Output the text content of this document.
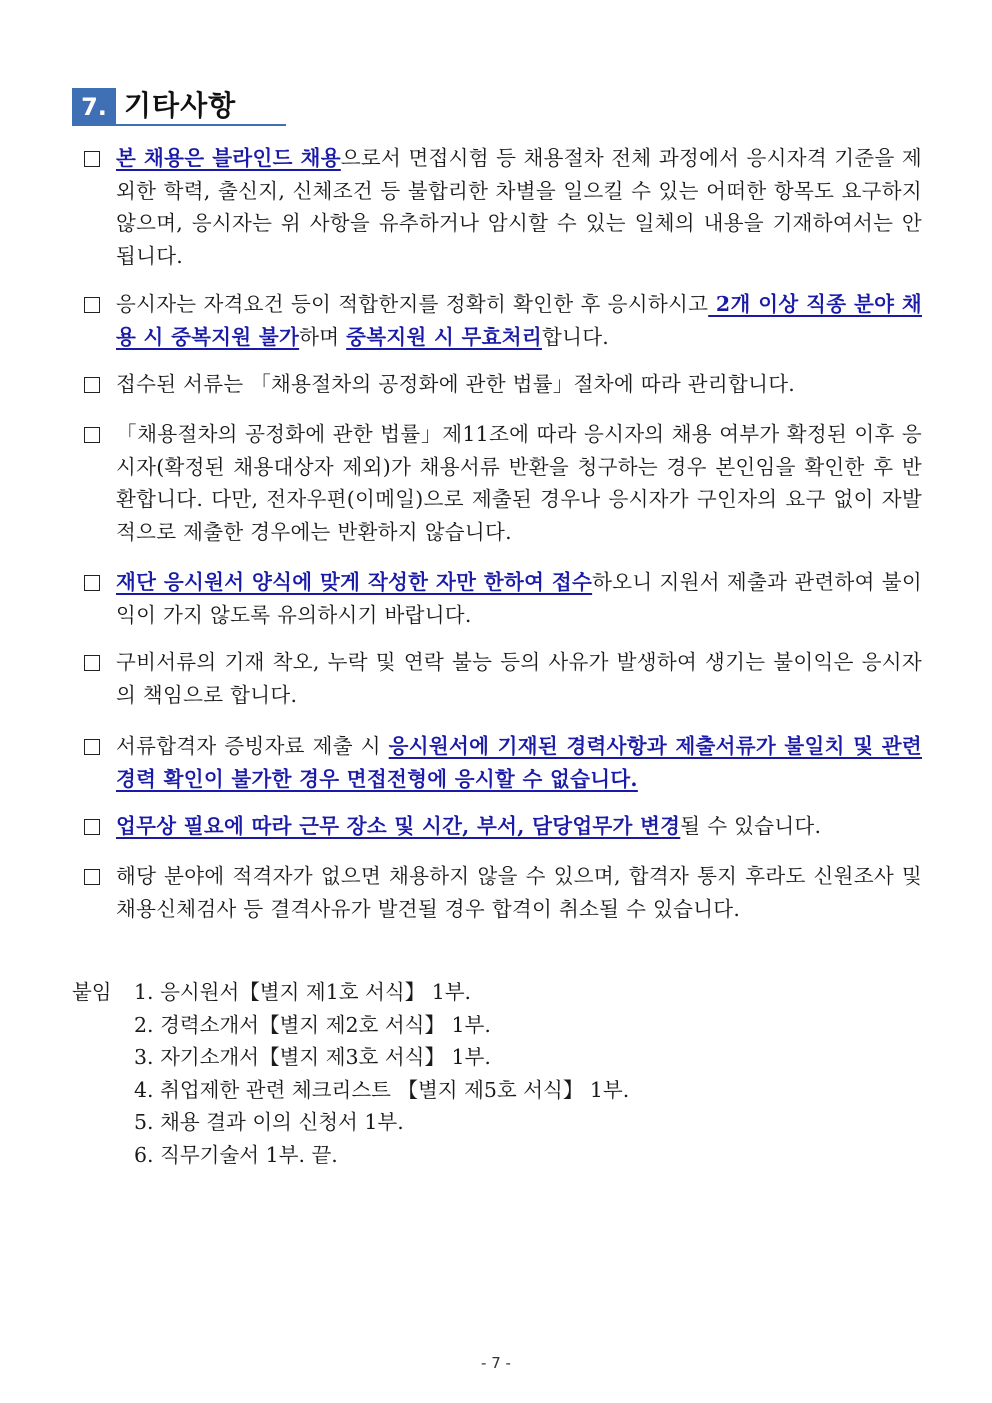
7. 기타사항
본 채용은 블라인드 채용으로서 면접시험 등 채용절차 전체 과정에서 응시자격 기준을 제외한 학력, 출신지, 신체조건 등 불합리한 차별을 일으킬 수 있는 어떠한 항목도 요구하지 않으며, 응시자는 위 사항을 유추하거나 암시할 수 있는 일체의 내용을 기재하여서는 안 됩니다.
응시자는 자격요건 등이 적합한지를 정확히 확인한 후 응시하시고 2개 이상 직종 분야 채용 시 중복지원 불가하며 중복지원 시 무효처리합니다.
접수된 서류는 「채용절차의 공정화에 관한 법률」절차에 따라 관리합니다.
「채용절차의 공정화에 관한 법률」제11조에 따라 응시자의 채용 여부가 확정된 이후 응시자(확정된 채용대상자 제외)가 채용서류 반환을 청구하는 경우 본인임을 확인한 후 반환합니다. 다만, 전자우편(이메일)으로 제출된 경우나 응시자가 구인자의 요구 없이 자발적으로 제출한 경우에는 반환하지 않습니다.
재단 응시원서 양식에 맞게 작성한 자만 한하여 접수하오니 지원서 제출과 관련하여 불이익이 가지 않도록 유의하시기 바랍니다.
구비서류의 기재 착오, 누락 및 연락 불능 등의 사유가 발생하여 생기는 불이익은 응시자의 책임으로 합니다.
서류합격자 증빙자료 제출 시 응시원서에 기재된 경력사항과 제출서류가 불일치 및 관련경력 확인이 불가한 경우 면접전형에 응시할 수 없습니다.
업무상 필요에 따라 근무 장소 및 시간, 부서, 담당업무가 변경될 수 있습니다.
해당 분야에 적격자가 없으면 채용하지 않을 수 있으며, 합격자 통지 후라도 신원조사 및 채용신체검사 등 결격사유가 발견될 경우 합격이 취소될 수 있습니다.
붙임 1. 응시원서【별지 제1호 서식】 1부.
2. 경력소개서【별지 제2호 서식】 1부.
3. 자기소개서【별지 제3호 서식】 1부.
4. 취업제한 관련 체크리스트 【별지 제5호 서식】 1부.
5. 채용 결과 이의 신청서 1부.
6. 직무기술서 1부. 끝.
- 7 -
